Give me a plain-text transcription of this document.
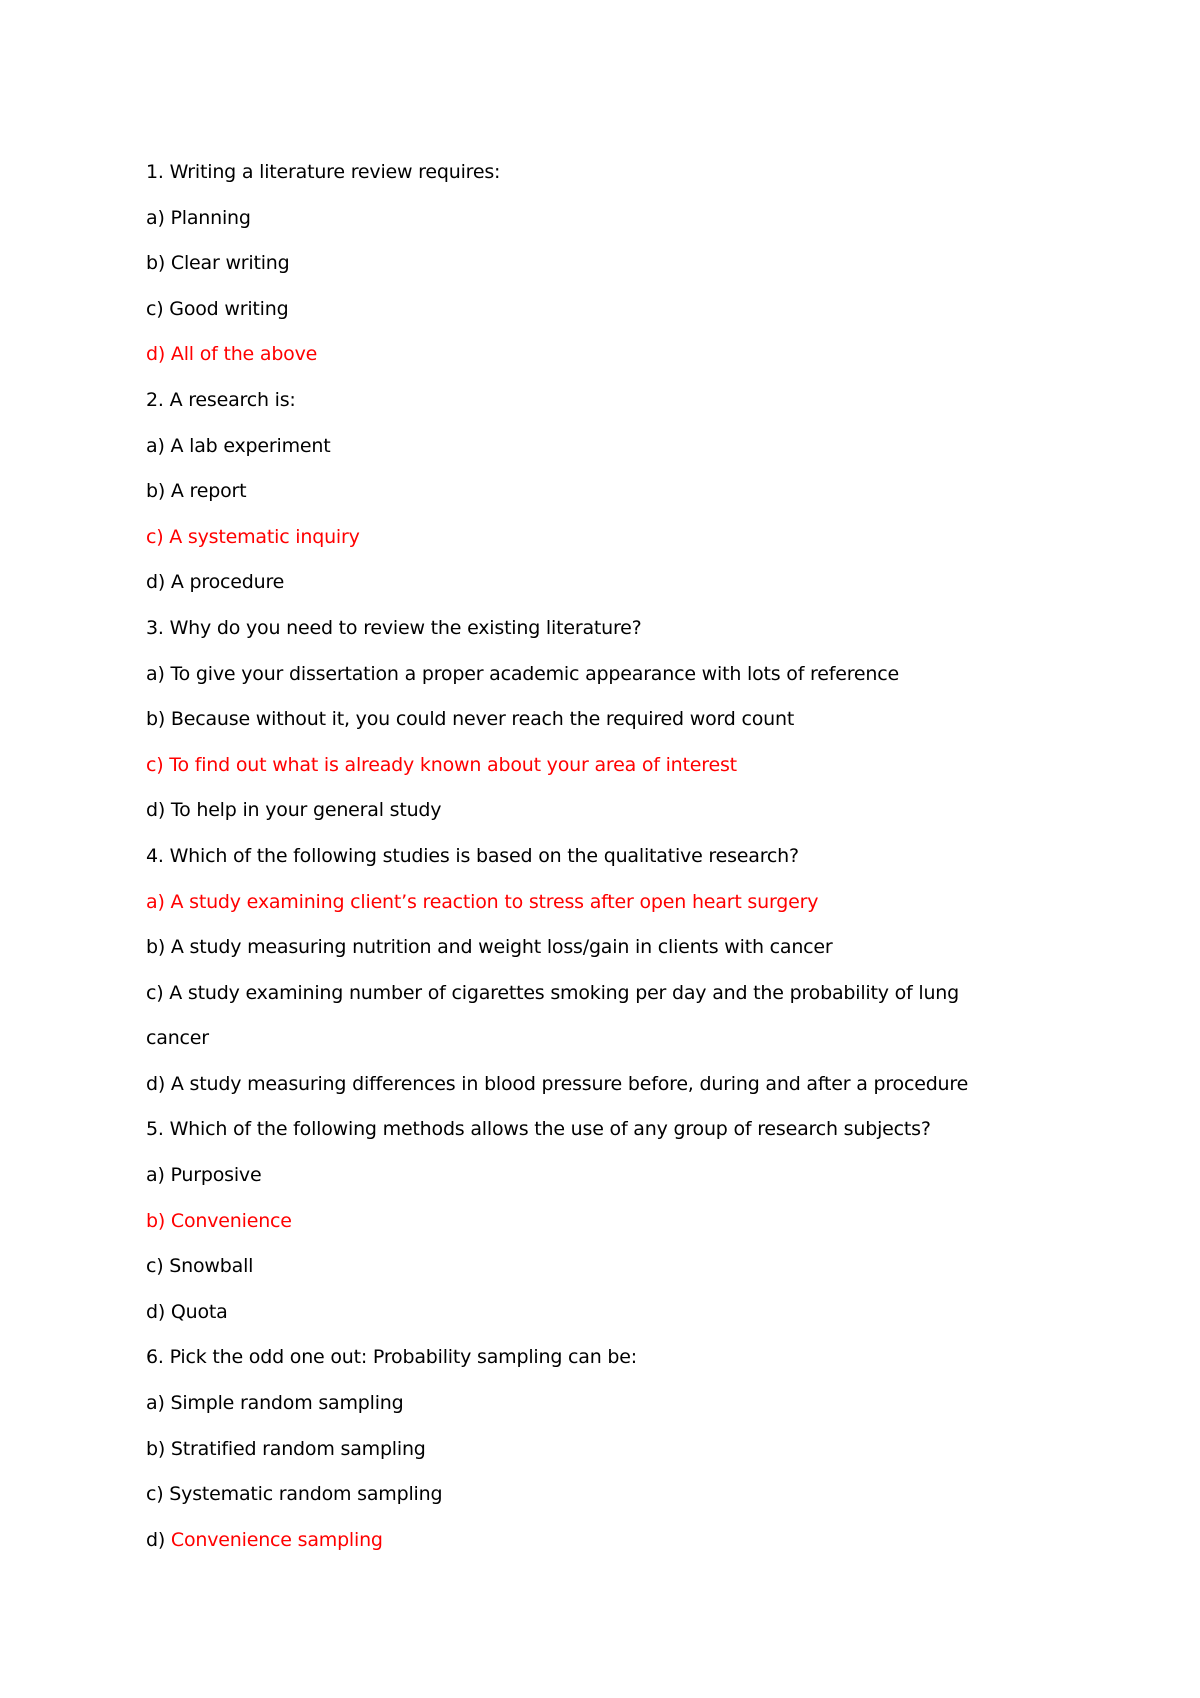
1. Writing a literature review requires:
a) Planning
b) Clear writing
c) Good writing
d) All of the above
2. A research is:
a) A lab experiment
b) A report
c) A systematic inquiry
d) A procedure
3. Why do you need to review the existing literature?
a) To give your dissertation a proper academic appearance with lots of reference
b) Because without it, you could never reach the required word count
c) To find out what is already known about your area of interest
d) To help in your general study
4. Which of the following studies is based on the qualitative research?
a) A study examining client’s reaction to stress after open heart surgery
b) A study measuring nutrition and weight loss/gain in clients with cancer
c) A study examining number of cigarettes smoking per day and the probability of lung
cancer
d) A study measuring differences in blood pressure before, during and after a procedure
5. Which of the following methods allows the use of any group of research subjects?
a) Purposive
b) Convenience
c) Snowball
d) Quota
6. Pick the odd one out: Probability sampling can be:
a) Simple random sampling
b) Stratified random sampling
c) Systematic random sampling
d) Convenience sampling
